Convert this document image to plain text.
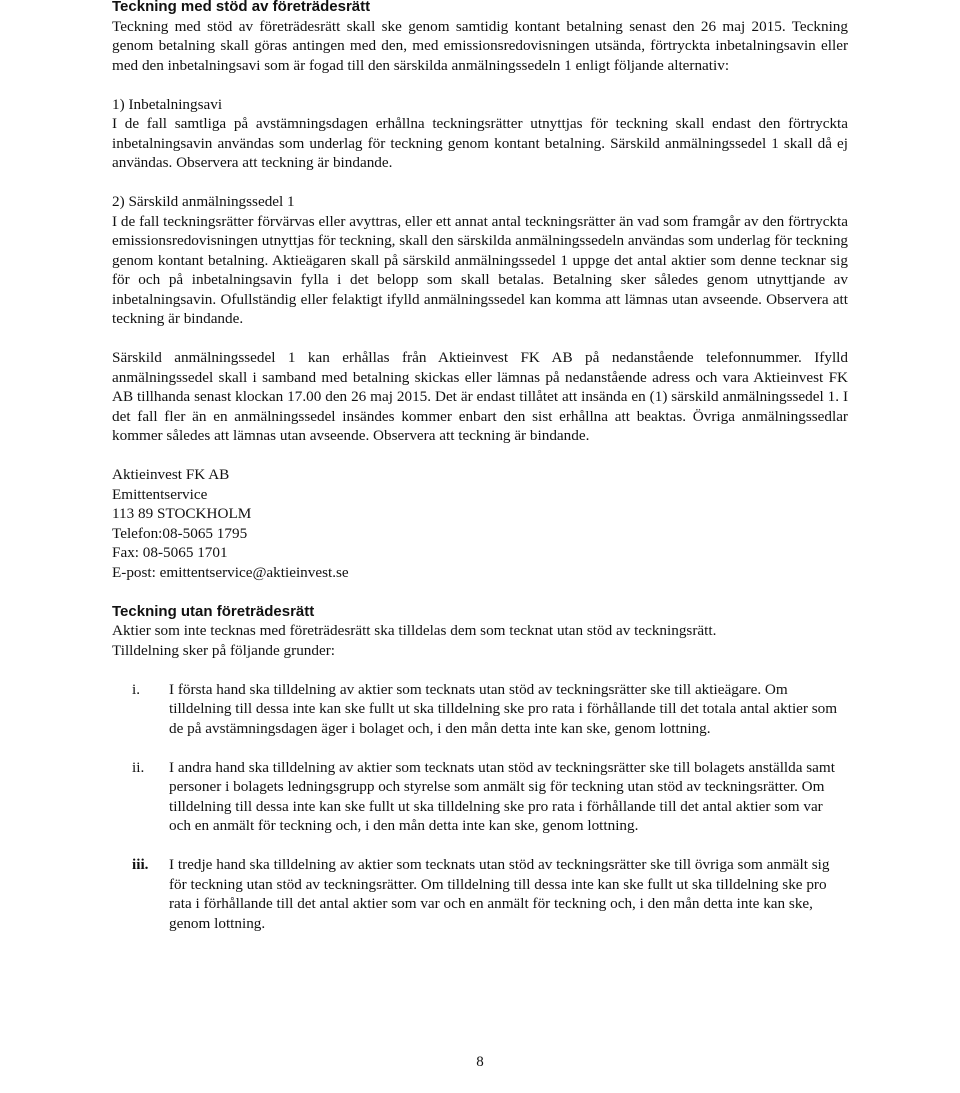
Teckning med stöd av företrädesrätt

Teckning med stöd av företrädesrätt skall ske genom samtidig kontant betalning senast den 26 maj 2015. Teckning genom betalning skall göras antingen med den, med emissionsredovisningen utsända, förtryckta inbetalningsavin eller med den inbetalningsavi som är fogad till den särskilda anmälningssedeln 1 enligt följande alternativ:

1) Inbetalningsavi

I de fall samtliga på avstämningsdagen erhållna teckningsrätter utnyttjas för teckning skall endast den förtryckta inbetalningsavin användas som underlag för teckning genom kontant betalning. Särskild anmälningssedel 1 skall då ej användas. Observera att teckning är bindande.

2) Särskild anmälningssedel 1

I de fall teckningsrätter förvärvas eller avyttras, eller ett annat antal teckningsrätter än vad som framgår av den förtryckta emissionsredovisningen utnyttjas för teckning, skall den särskilda anmälningssedeln användas som underlag för teckning genom kontant betalning. Aktieägaren skall på särskild anmälningssedel 1 uppge det antal aktier som denne tecknar sig för och på inbetalningsavin fylla i det belopp som skall betalas. Betalning sker således genom utnyttjande av inbetalningsavin. Ofullständig eller felaktigt ifylld anmälningssedel kan komma att lämnas utan avseende. Observera att teckning är bindande.

Särskild anmälningssedel 1 kan erhållas från Aktieinvest FK AB på nedanstående telefonnummer. Ifylld anmälningssedel skall i samband med betalning skickas eller lämnas på nedanstående adress och vara Aktieinvest FK AB tillhanda senast klockan 17.00 den 26 maj 2015. Det är endast tillåtet att insända en (1) särskild anmälningssedel 1. I det fall fler än en anmälningssedel insändes kommer enbart den sist erhållna att beaktas. Övriga anmälningssedlar kommer således att lämnas utan avseende. Observera att teckning är bindande.

Aktieinvest FK AB
Emittentservice
113 89 STOCKHOLM
Telefon:08-5065 1795
Fax: 08-5065 1701
E-post: emittentservice@aktieinvest.se
Teckning utan företrädesrätt

Aktier som inte tecknas med företrädesrätt ska tilldelas dem som tecknat utan stöd av teckningsrätt.

Tilldelning sker på följande grunder:

i.	I första hand ska tilldelning av aktier som tecknats utan stöd av teckningsrätter ske till aktieägare. Om tilldelning till dessa inte kan ske fullt ut ska tilldelning ske pro rata i förhållande till det totala antal aktier som de på avstämningsdagen äger i bolaget och, i den mån detta inte kan ske, genom lottning.
ii.	I andra hand ska tilldelning av aktier som tecknats utan stöd av teckningsrätter ske till bolagets anställda samt personer i bolagets ledningsgrupp och styrelse som anmält sig för teckning utan stöd av teckningsrätter. Om tilldelning till dessa inte kan ske fullt ut ska tilldelning ske pro rata i förhållande till det antal aktier som var och en anmält för teckning och, i den mån detta inte kan ske, genom lottning.
iii.	I tredje hand ska tilldelning av aktier som tecknats utan stöd av teckningsrätter ske till övriga som anmält sig för teckning utan stöd av teckningsrätter. Om tilldelning till dessa inte kan ske fullt ut ska tilldelning ske pro rata i förhållande till det antal aktier som var och en anmält för teckning och, i den mån detta inte kan ske, genom lottning.
8
